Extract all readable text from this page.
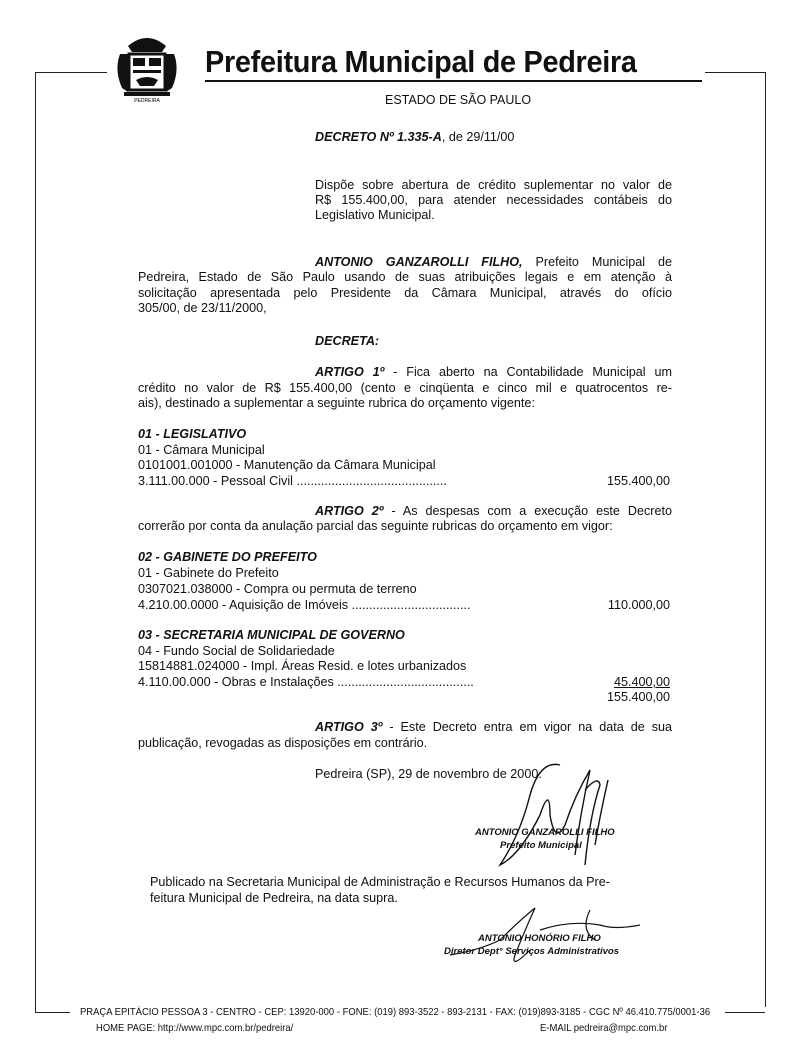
PEDREIRA
Prefeitura Municipal de Pedreira
ESTADO DE SÃO PAULO
DECRETO Nº 1.335-A, de 29/11/00
Dispõe sobre abertura de crédito suplementar no valor de
R$ 155.400,00, para atender necessidades contábeis do
Legislativo Municipal.
ANTONIO GANZAROLLI FILHO, Prefeito Municipal de
Pedreira, Estado de São Paulo usando de suas atribuições legais e em atenção à
solicitação apresentada pelo Presidente da Câmara Municipal, através do ofício
305/00, de 23/11/2000,
DECRETA:
ARTIGO 1º - Fica aberto na Contabilidade Municipal um
crédito no valor de R$ 155.400,00 (cento e cinqüenta e cinco mil e quatrocentos re-
ais), destinado a suplementar a seguinte rubrica do orçamento vigente:
01 - LEGISLATIVO
01 - Câmara Municipal
0101001.001000 - Manutenção da Câmara Municipal
3.111.00.000 - Pessoal Civil ...........................................	155.400,00
ARTIGO 2º - As despesas com a execução este Decreto
correrão por conta da anulação parcial das seguinte rubricas do orçamento em vigor:
02 - GABINETE DO PREFEITO
01 - Gabinete do Prefeito
0307021.038000 - Compra ou permuta de terreno
4.210.00.0000 - Aquisição de Imóveis ..................................	110.000,00
03 - SECRETARIA MUNICIPAL DE GOVERNO
04 - Fundo Social de Solidariedade
15814881.024000 - Impl. Áreas Resid. e lotes urbanizados
4.110.00.000 - Obras e Instalações .......................................	45.400,00
155.400,00
ARTIGO 3º - Este Decreto entra em vigor na data de sua
publicação, revogadas as disposições em contrário.
Pedreira (SP), 29 de novembro de 2000.
ANTONIO GANZAROLLI FILHO
Prefeito Municipal
Publicado na Secretaria Municipal de Administração e Recursos Humanos da Pre-
feitura Municipal de Pedreira, na data supra.
ANTONIO HONÓRIO FILHO
Diretor Dept° Serviços Administrativos
PRAÇA EPITÁCIO PESSOA 3 - CENTRO - CEP: 13920-000 - FONE: (019) 893-3522 - 893-2131 - FAX: (019)893-3185 - CGC Nº 46.410.775/0001-36
HOME PAGE: http://www.mpc.com.br/pedreira/	E-MAIL pedreira@mpc.com.br
